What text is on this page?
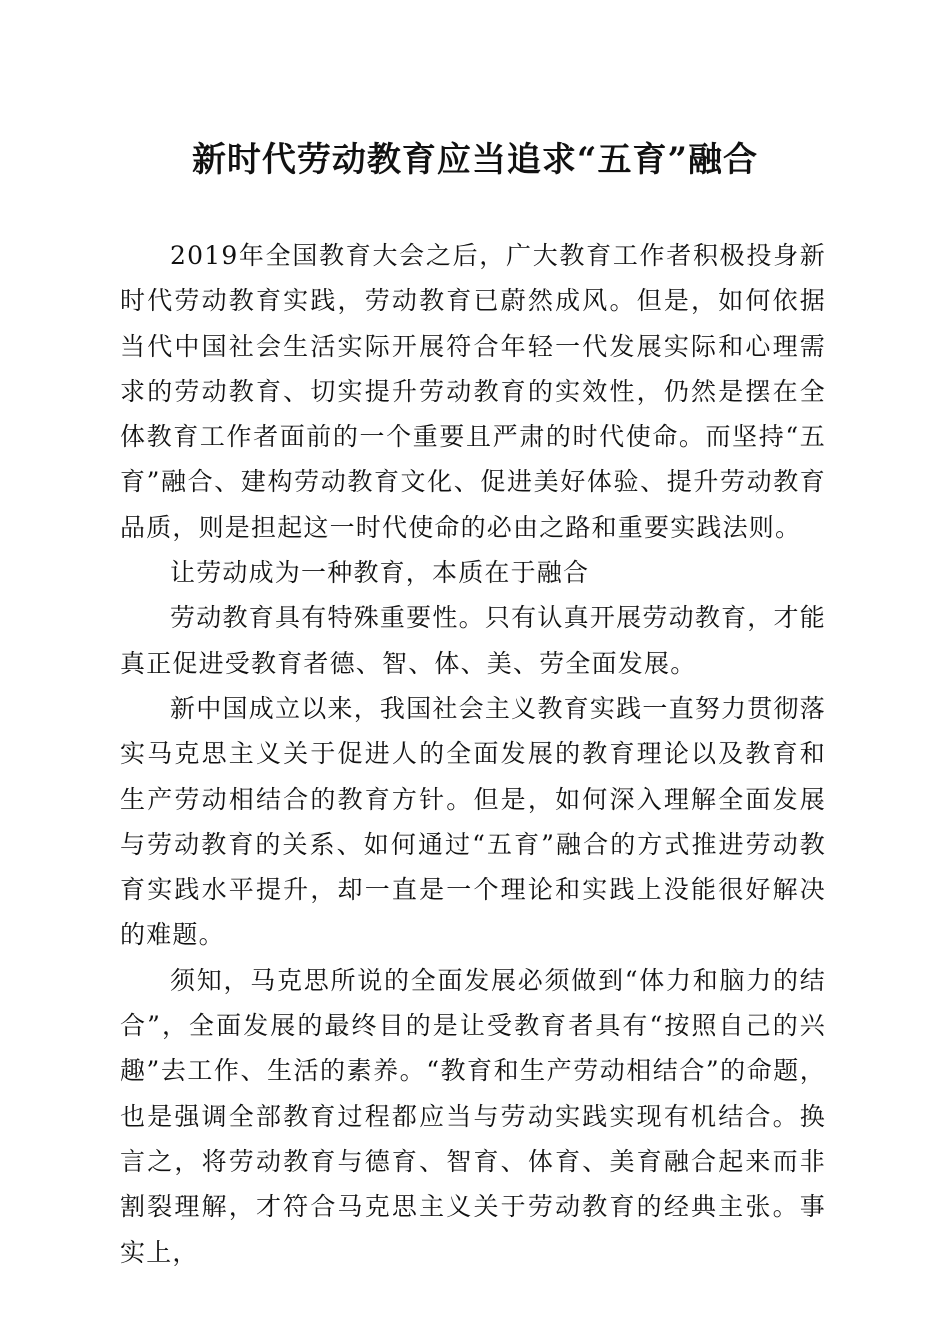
新时代劳动教育应当追求“五育”融合

2019年全国教育大会之后，广大教育工作者积极投身新时代劳动教育实践，劳动教育已蔚然成风。但是，如何依据当代中国社会生活实际开展符合年轻一代发展实际和心理需求的劳动教育、切实提升劳动教育的实效性，仍然是摆在全体教育工作者面前的一个重要且严肃的时代使命。而坚持“五育”融合、建构劳动教育文化、促进美好体验、提升劳动教育品质，则是担起这一时代使命的必由之路和重要实践法则。

让劳动成为一种教育，本质在于融合

劳动教育具有特殊重要性。只有认真开展劳动教育，才能真正促进受教育者德、智、体、美、劳全面发展。

新中国成立以来，我国社会主义教育实践一直努力贯彻落实马克思主义关于促进人的全面发展的教育理论以及教育和生产劳动相结合的教育方针。但是，如何深入理解全面发展与劳动教育的关系、如何通过“五育”融合的方式推进劳动教育实践水平提升，却一直是一个理论和实践上没能很好解决的难题。

须知，马克思所说的全面发展必须做到“体力和脑力的结合”，全面发展的最终目的是让受教育者具有“按照自己的兴趣”去工作、生活的素养。“教育和生产劳动相结合”的命题，也是强调全部教育过程都应当与劳动实践实现有机结合。换言之，将劳动教育与德育、智育、体育、美育融合起来而非割裂理解，才符合马克思主义关于劳动教育的经典主张。事实上，
